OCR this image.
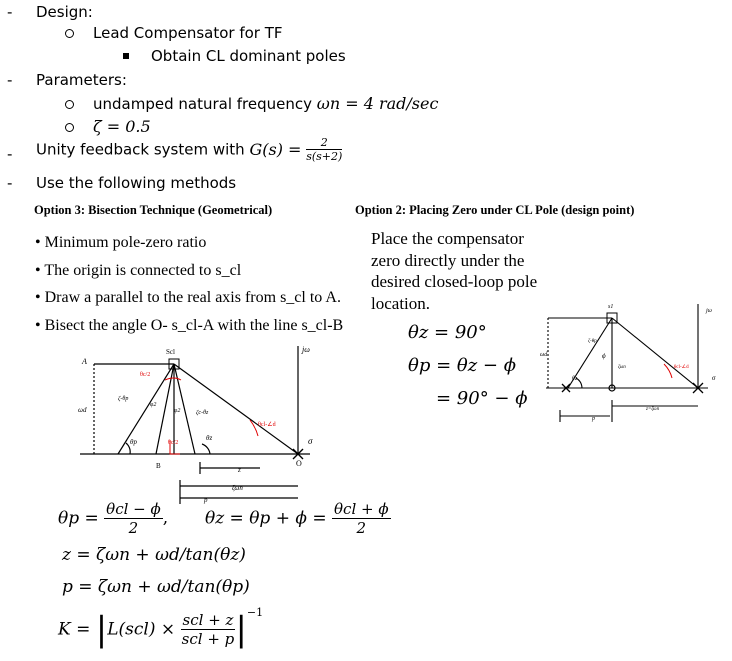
- Design:
Lead Compensator for TF
Obtain CL dominant poles
- Parameters:
undamped natural frequency ωn = 4 rad/sec
ζ = 0.5
- Unity feedback system with $G(s) = \frac{2}{s(s+2)}$
- Use the following methods
Option 3: Bisection Technique (Geometrical)
• Minimum pole-zero ratio
• The origin is connected to s_cl
• Draw a parallel to the real axis from s_cl to A.
• Bisect the angle O- s_cl-A with the line s_cl-B
Scl
A
B	O
jω
σ
ωd
θc/2
ζ-θp
φ2
φ2	ζc-θz
θcl-∠d
θc/2
θp	θz
z
ζωn
p
$\theta p = \frac{\text{θcl − ϕ}}{2}$ , $\theta z = \theta p + \phi = \frac{\text{θcl + ϕ}}{2}$
z = ζωn + ωd/tan(θz)
p = ζωn + ωd/tan(θp)
$K = |L(scl) \times \frac{\text{scl + z}}{\text{scl + p}} |^{-1}$
Option 2: Placing Zero under CL Pole (design point)
Place the compensator
zero directly under the
desired closed-loop pole
location.
θz = 90°
θp = θz − ϕ
= 90° − ϕ
s1
jω
σ
ωd	ϕ
ζ-θp
θz
ζωn	θcl-∠d
p
z=ζωn
